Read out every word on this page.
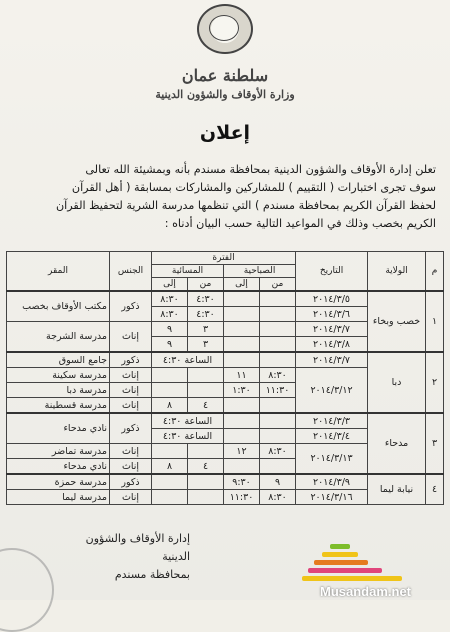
سلطنة عمان
وزارة الأوقاف والشؤون الدينية
إعلان
تعلن إدارة الأوقاف والشؤون الدينية بمحافظة مسندم بأنه وبمشيئة الله تعالى
سوف تجرى اختبارات ( التقييم ) للمشاركين والمشاركات بمسابقة ( أهل القرآن
لحفظ القرآن الكريم بمحافظة مسندم ) التي تنظمها مدرسة الشرية لتحفيظ القرآن
الكريم بخصب وذلك في المواعيد التالية حسب البيان أدناه :
م	الولاية	التاريخ	الفترة				الجنس	المقر
			الصباحية		المسائية			
			من	إلى	من	إلى		
١	خصب وبخاء	٢٠١٤/٣/٥			٤:٣٠	٨:٣٠	ذكور	مكتب الأوقاف بخصب
		٢٠١٤/٣/٦			٤:٣٠	٨:٣٠		
		٢٠١٤/٣/٧			٣	٩	إناث	مدرسة الشرجة
		٢٠١٤/٣/٨			٣	٩		
٢	دبا	٢٠١٤/٣/٧			الساعة ٤:٣٠		ذكور	جامع السوق
		٢٠١٤/٣/١٢	٨:٣٠	١١			إناث	مدرسة سكينة
			١١:٣٠	١:٣٠			إناث	مدرسة دبا
					٤	٨	إناث	مدرسة قسطينة
٣	مدحاء	٢٠١٤/٣/٣			الساعة ٤:٣٠		ذكور	نادي مدحاء
		٢٠١٤/٣/٤			الساعة ٤:٣٠			
		٢٠١٤/٣/١٣	٨:٣٠	١٢			إناث	مدرسة تماضر
					٤	٨	إناث	نادي مدحاء
٤	نيابة ليما	٢٠١٤/٣/٩	٩	٩:٣٠			ذكور	مدرسة حمزة
		٢٠١٤/٣/١٦	٨:٣٠	١١:٣٠			إناث	مدرسة ليما
إدارة الأوقاف والشؤون الدينية
بمحافظة مسندم
Musandam.net
